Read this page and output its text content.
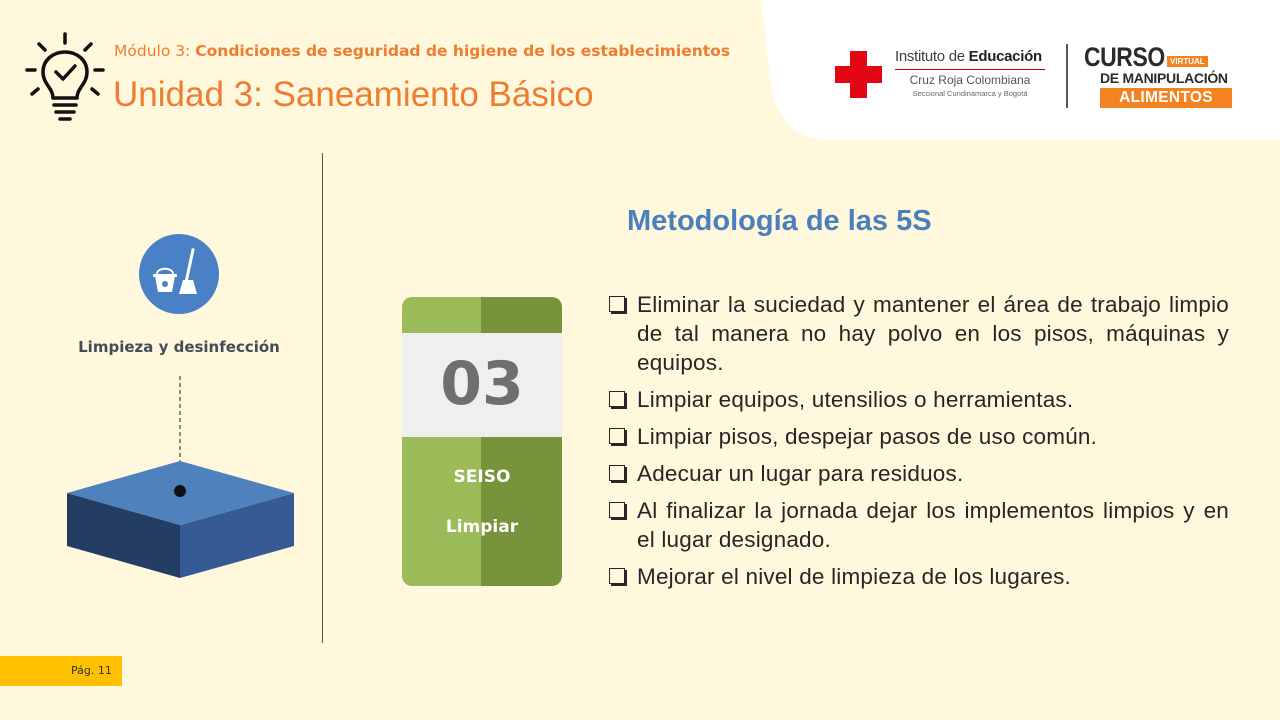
Módulo 3: Condiciones de seguridad de higiene de los establecimientos
Unidad 3: Saneamiento Básico
Instituto de Educación
Cruz Roja Colombiana
Seccional Cundinamarca y Bogotá
CURSO VIRTUAL
DE MANIPULACIÓN
ALIMENTOS
Limpieza y desinfección
03
SEISO
Limpiar
Metodología de las 5S
Eliminar la suciedad y mantener el área de trabajo limpio de tal manera no hay polvo en los pisos, máquinas y equipos.
Limpiar equipos, utensilios o herramientas.
Limpiar pisos, despejar pasos de uso común.
Adecuar un lugar para residuos.
Al finalizar la jornada dejar los implementos limpios y en el lugar designado.
Mejorar el nivel de limpieza de los lugares.
Pág. 11
